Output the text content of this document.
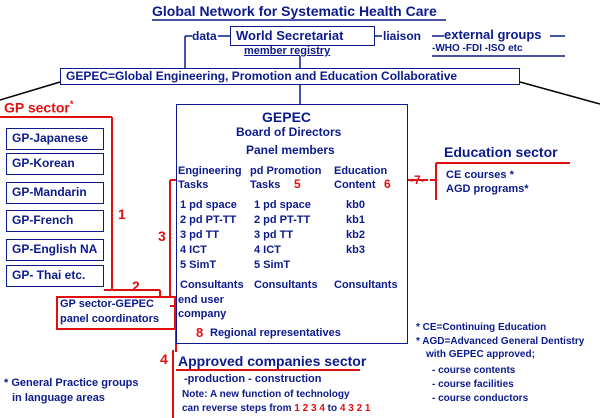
Global Network for Systematic Health Care
data World Secretariat
member registry
liaison external groups
-WHO -FDI -ISO etc
GEPEC=Global Engineering, Promotion and Education Collaborative
GP sector*
GP-Japanese
GP-Korean
GP-Mandarin
GP-French
GP-English NA
GP- Thai etc.
1
2
3
GP sector-GEPEC
panel coordinators
GEPEC
Board of Directors
Panel members
Engineering
Tasks
1 pd space
2 pd PT-TT
3 pd TT
4 ICT
5 SimT
Consultants
pd Promotion
Tasks	5
1 pd space
2 pd PT-TT
3 pd TT
4 ICT
5 SimT
Consultants
Education
Content 6
kb0
kb1
kb2
kb3
Consultants
end user
company
8 Regional representatives
Education sector
-7- CE courses *
AGD programs*
4 Approved companies sector
-production - construction
Note: A new function of technology
can reverse steps from 1 2 3 4 to 4 3 2 1
* General Practice groups
in language areas
* CE=Continuing Education
* AGD=Advanced General Dentistry
with GEPEC approved;
- course contents
- course facilities
- course conductors
